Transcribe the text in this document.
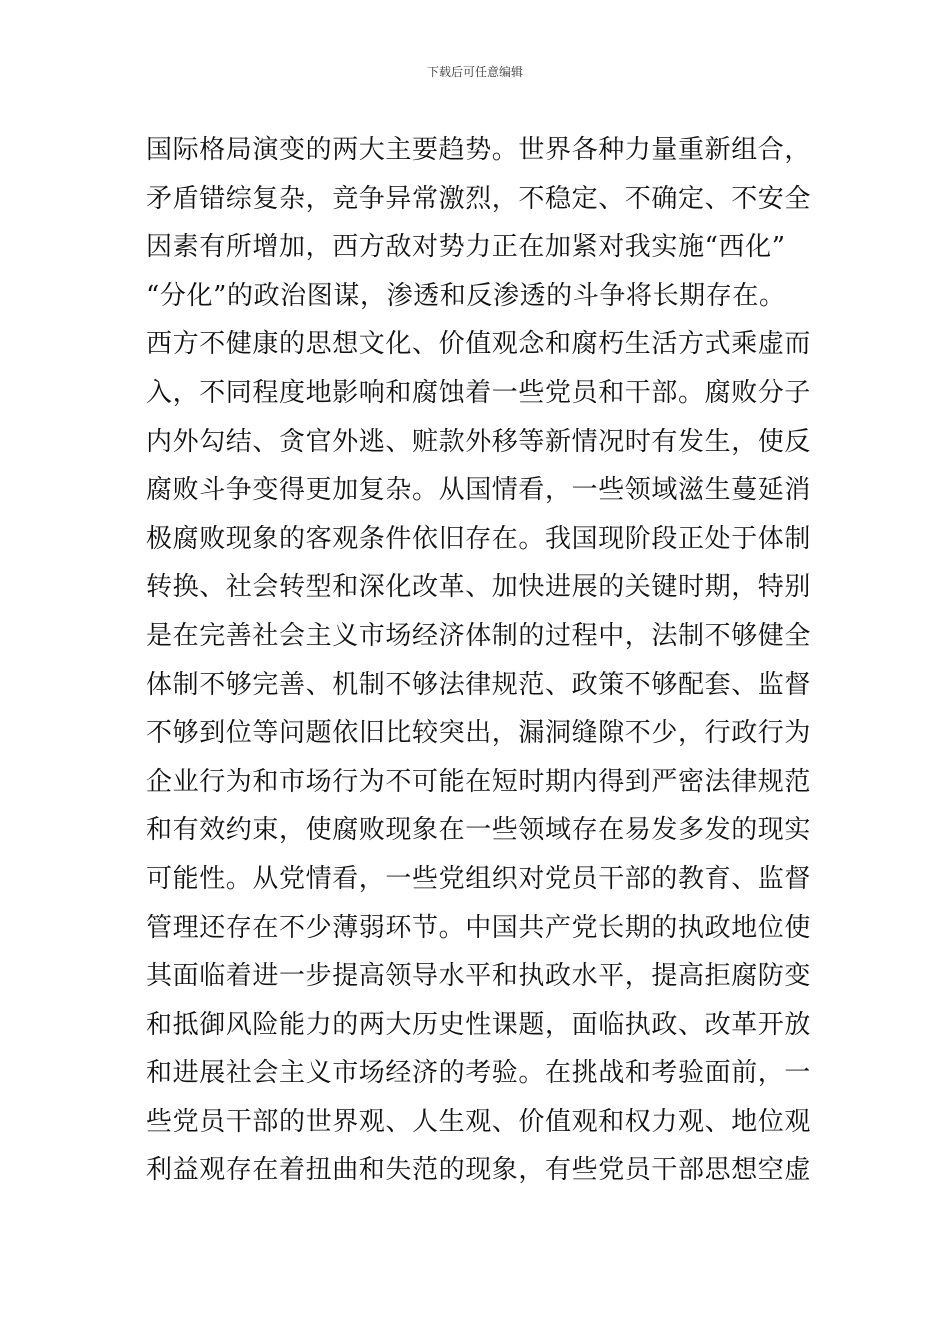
下载后可任意编辑
国际格局演变的两大主要趋势。世界各种力量重新组合，
矛盾错综复杂，竞争异常激烈，不稳定、不确定、不安全
因素有所增加，西方敌对势力正在加紧对我实施“西化”
“分化”的政治图谋，渗透和反渗透的斗争将长期存在。
西方不健康的思想文化、价值观念和腐朽生活方式乘虚而
入，不同程度地影响和腐蚀着一些党员和干部。腐败分子
内外勾结、贪官外逃、赃款外移等新情况时有发生，使反
腐败斗争变得更加复杂。从国情看，一些领域滋生蔓延消
极腐败现象的客观条件依旧存在。我国现阶段正处于体制
转换、社会转型和深化改革、加快进展的关键时期，特别
是在完善社会主义市场经济体制的过程中，法制不够健全
体制不够完善、机制不够法律规范、政策不够配套、监督
不够到位等问题依旧比较突出，漏洞缝隙不少，行政行为
企业行为和市场行为不可能在短时期内得到严密法律规范
和有效约束，使腐败现象在一些领域存在易发多发的现实
可能性。从党情看，一些党组织对党员干部的教育、监督
管理还存在不少薄弱环节。中国共产党长期的执政地位使
其面临着进一步提高领导水平和执政水平，提高拒腐防变
和抵御风险能力的两大历史性课题，面临执政、改革开放
和进展社会主义市场经济的考验。在挑战和考验面前，一
些党员干部的世界观、人生观、价值观和权力观、地位观
利益观存在着扭曲和失范的现象，有些党员干部思想空虚
